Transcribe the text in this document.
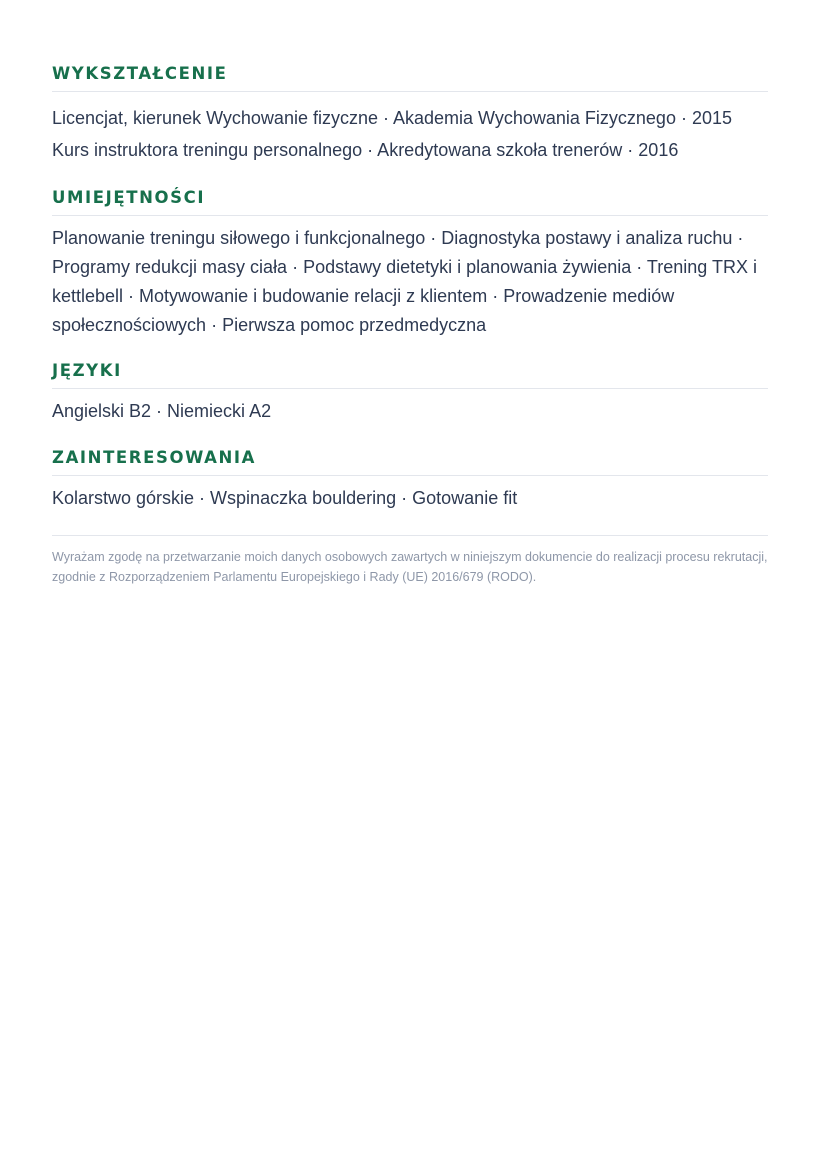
WYKSZTAŁCENIE
Licencjat, kierunek Wychowanie fizyczne · Akademia Wychowania Fizycznego · 2015
Kurs instruktora treningu personalnego · Akredytowana szkoła trenerów · 2016
UMIEJĘTNOŚCI

Planowanie treningu siłowego i funkcjonalnego · Diagnostyka postawy i analiza ruchu · Programy redukcji masy ciała · Podstawy dietetyki i planowania żywienia · Trening TRX i kettlebell · Motywowanie i budowanie relacji z klientem · Prowadzenie mediów społecznościowych · Pierwsza pomoc przedmedyczna

JĘZYKI

Angielski B2 · Niemiecki A2

ZAINTERESOWANIA

Kolarstwo górskie · Wspinaczka bouldering · Gotowanie fit

Wyrażam zgodę na przetwarzanie moich danych osobowych zawartych w niniejszym dokumencie do realizacji procesu rekrutacji, zgodnie z Rozporządzeniem Parlamentu Europejskiego i Rady (UE) 2016/679 (RODO).
